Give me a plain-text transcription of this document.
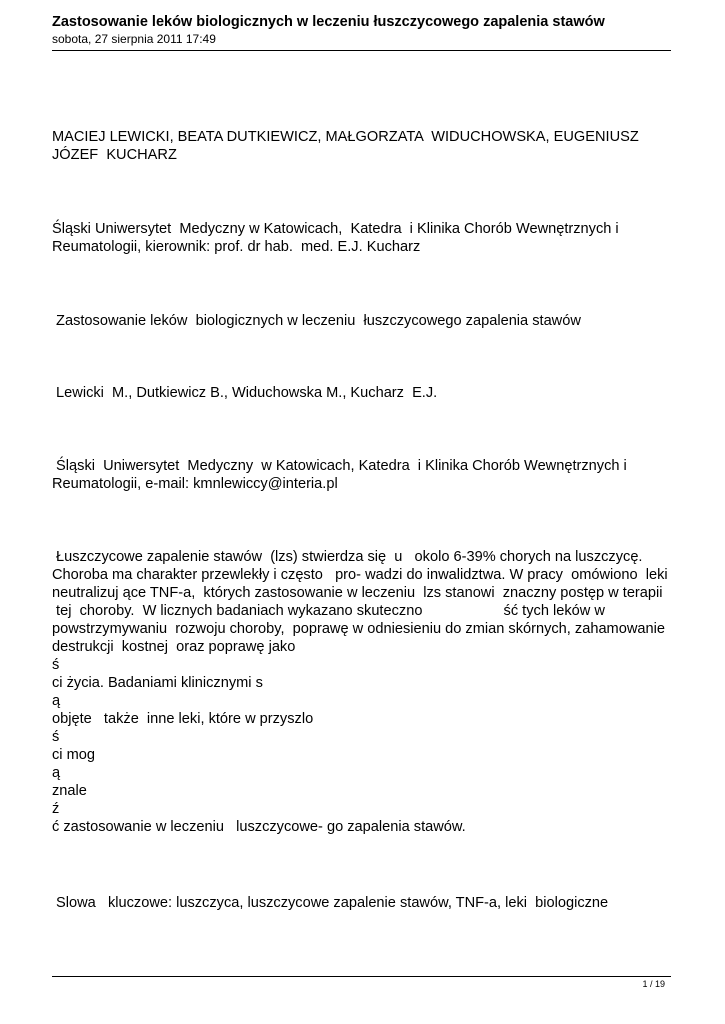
Zastosowanie leków biologicznych w leczeniu łuszczycowego zapalenia stawów
sobota, 27 sierpnia 2011 17:49
MACIEJ LEWICKI, BEATA DUTKIEWICZ, MAŁGORZATA  WIDUCHOWSKA, EUGENIUSZ
JÓZEF  KUCHARZ
Śląski Uniwersytet  Medyczny w Katowicach,  Katedra  i Klinika Chorób Wewnętrznych i
Reumatologii, kierownik: prof. dr hab.  med. E.J. Kucharz
Zastosowanie leków  biologicznych w leczeniu  łuszczycowego zapalenia stawów
Lewicki  M., Dutkiewicz B., Widuchowska M., Kucharz  E.J.
Śląski  Uniwersytet  Medyczny  w Katowicach, Katedra  i Klinika Chorób Wewnętrznych i
Reumatologii, e-mail: kmnlewiccy@interia.pl
Łuszczycowe zapalenie stawów  (lzs) stwierdza się  u   okolo 6-39% chorych na luszczycę.
Choroba ma charakter przewlekły i często   pro- wadzi do inwalidztwa. W pracy  omówiono  leki
neutralizuj ące TNF-a,  których zastosowanie w leczeniu  lzs stanowi  znaczny postęp w terapii
tej  choroby.  W licznych badaniach wykazano skuteczno                    ść tych leków w
powstrzymywaniu  rozwoju choroby,  poprawę w odniesieniu do zmian skórnych, zahamowanie
destrukcji  kostnej  oraz poprawę jako
ś
ci życia. Badaniami klinicznymi s
ą
objęte   także  inne leki, które w przyszlo
ś
ci mog
ą
znale
ź
ć zastosowanie w leczeniu   luszczycowe- go zapalenia stawów.
Slowa   kluczowe: luszczyca, luszczycowe zapalenie stawów, TNF-a, leki  biologiczne
1 / 19
